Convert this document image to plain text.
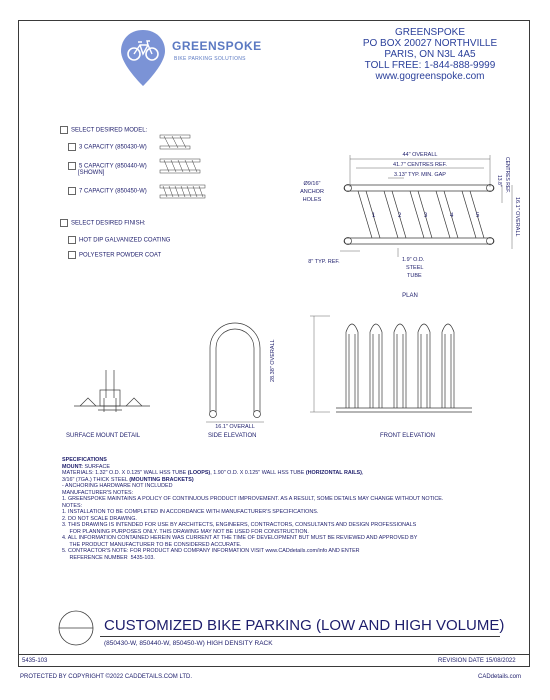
GREENSPOKE
BIKE PARKING SOLUTIONS
GREENSPOKE
PO BOX 20027 NORTHVILLE
PARIS, ON N3L 4A5
TOLL FREE: 1-844-888-9999
www.gogreenspoke.com
SELECT DESIRED MODEL:
3 CAPACITY (850430-W)
5 CAPACITY (850440-W)
[SHOWN]
7 CAPACITY (850450-W)
SELECT DESIRED FINISH:
HOT DIP GALVANIZED COATING
POLYESTER POWDER COAT
44" OVERALL
41.7" CENTRES REF.
3.13" TYP. MIN. GAP
Ø9/16"
ANCHOR
HOLES
13.8" CENTRES REF.
16.1" OVERALL
8" TYP. REF.	1.9" O.D.
STEEL
TUBE
1	2	3	4	5
PLAN
SURFACE MOUNT DETAIL
16.1" OVERALL
SIDE ELEVATION
28.38" OVERALL
FRONT ELEVATION
SPECIFICATIONS
MOUNT: SURFACE
MATERIALS: 1.32" O.D. X 0.125" WALL HSS TUBE (LOOPS), 1.90" O.D. X 0.125" WALL HSS TUBE (HORIZONTAL RAILS),
3/16" (7GA.) THICK STEEL (MOUNTING BRACKETS)
- ANCHORING HARDWARE NOT INCLUDED
MANUFACTURER'S NOTES:
1. GREENSPOKE MAINTAINS A POLICY OF CONTINUOUS PRODUCT IMPROVEMENT. AS A RESULT, SOME DETAILS MAY CHANGE WITHOUT NOTICE.
NOTES:
1. INSTALLATION TO BE COMPLETED IN ACCORDANCE WITH MANUFACTURER'S SPECIFICATIONS.
2. DO NOT SCALE DRAWING.
3. THIS DRAWING IS INTENDED FOR USE BY ARCHITECTS, ENGINEERS, CONTRACTORS, CONSULTANTS AND DESIGN PROFESSIONALS
FOR PLANNING PURPOSES ONLY. THIS DRAWING MAY NOT BE USED FOR CONSTRUCTION.
4. ALL INFORMATION CONTAINED HEREIN WAS CURRENT AT THE TIME OF DEVELOPMENT BUT MUST BE REVIEWED AND APPROVED BY
THE PRODUCT MANUFACTURER TO BE CONSIDERED ACCURATE.
5. CONTRACTOR'S NOTE: FOR PRODUCT AND COMPANY INFORMATION VISIT www.CADdetails.com/info AND ENTER
REFERENCE NUMBER  5435-103.
CUSTOMIZED BIKE PARKING (LOW AND HIGH VOLUME)
(850430-W, 850440-W, 850450-W) HIGH DENSITY RACK
5435-103	REVISION DATE 15/08/2022
PROTECTED BY COPYRIGHT ©2022 CADDETAILS.COM LTD.	CADdetails.com
